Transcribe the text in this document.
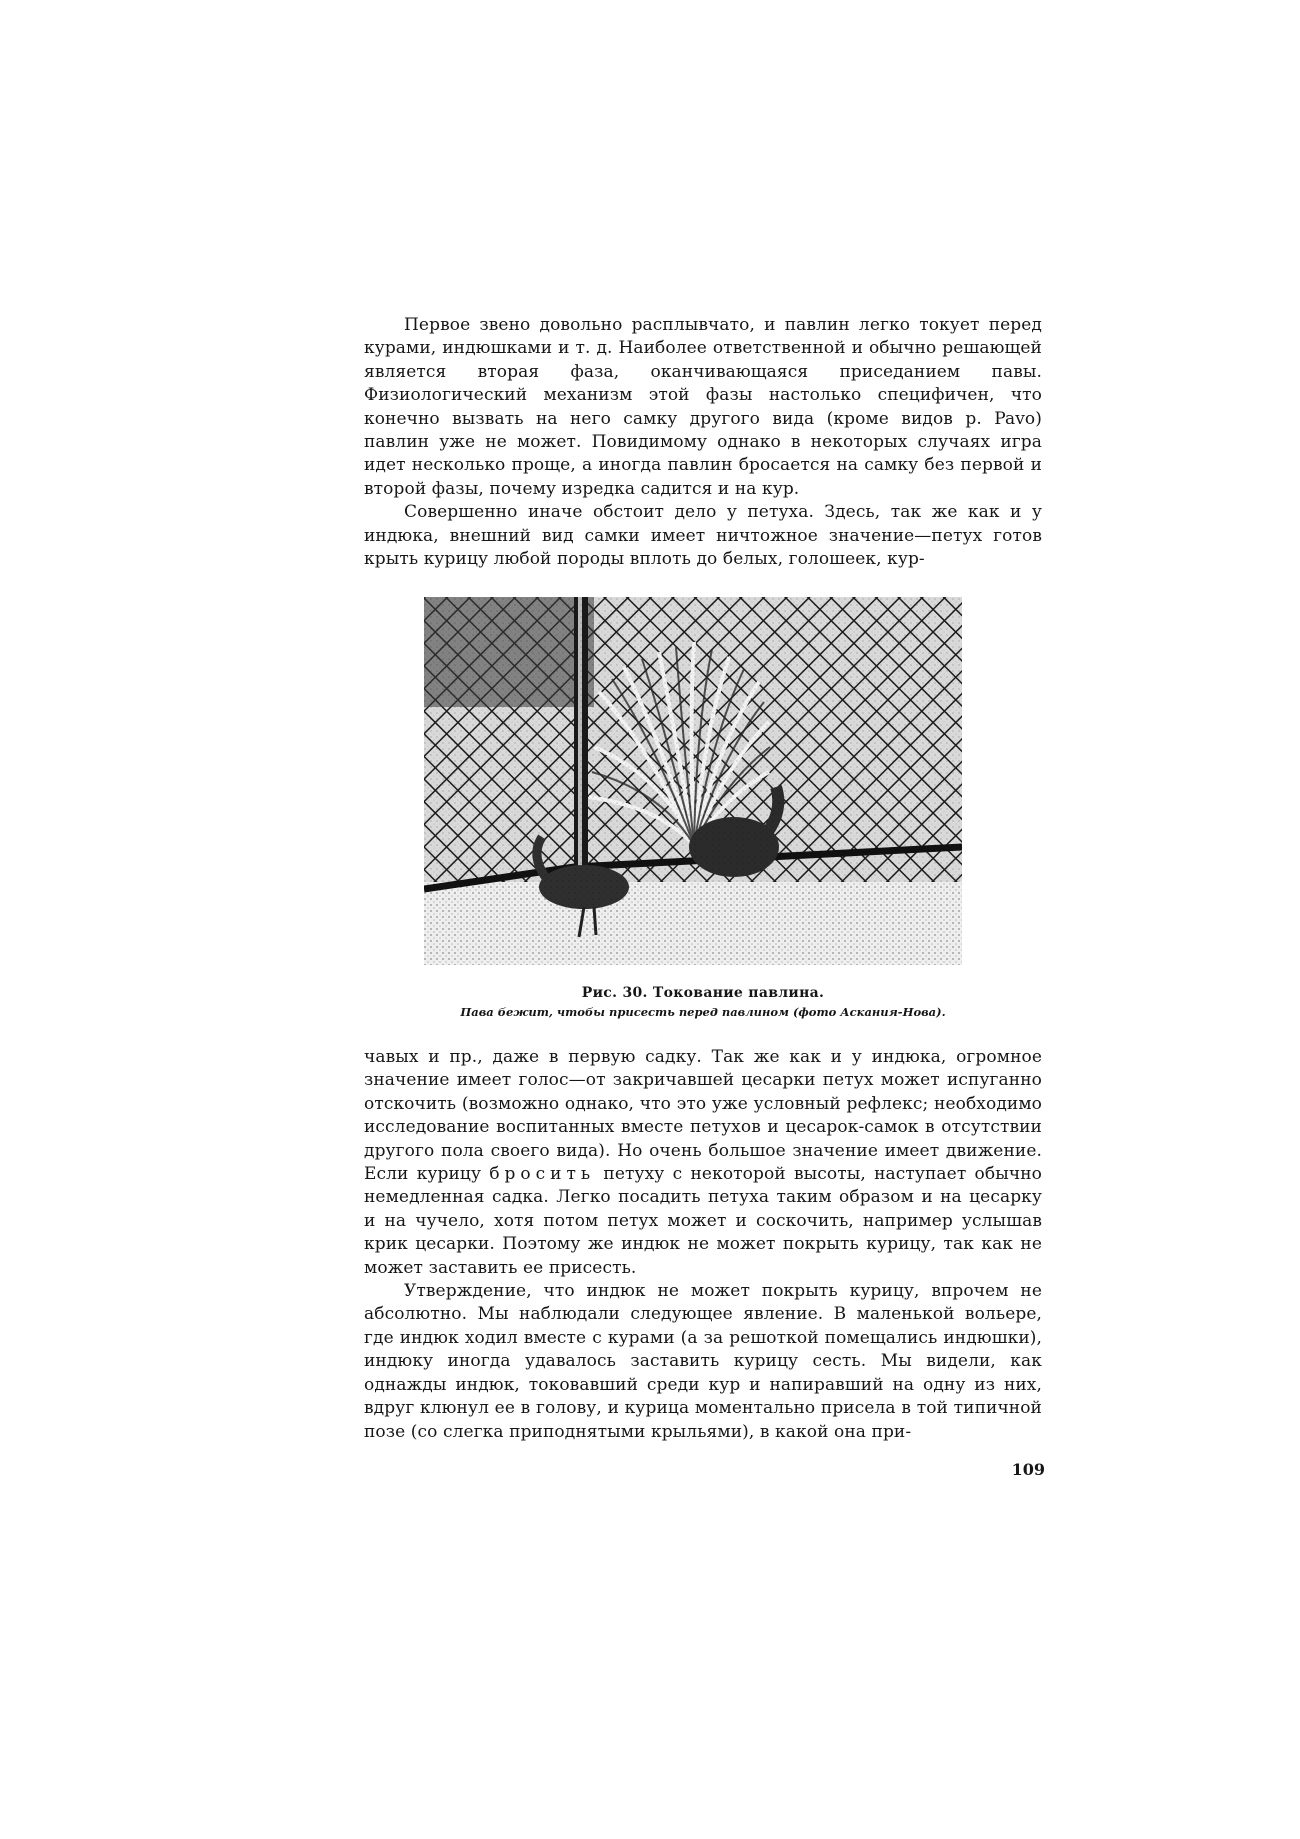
Первое звено довольно расплывчато, и павлин легко токует перед курами, индюшками и т. д. Наиболее ответственной и обычно решающей является вторая фаза, оканчивающаяся приседанием павы. Физиологический механизм этой фазы настолько специфичен, что конечно вызвать на него самку другого вида (кроме видов р. Pavo) павлин уже не может. Повидимому однако в некоторых случаях игра идет несколько проще, а иногда павлин бросается на самку без первой и второй фазы, почему изредка садится и на кур.

Совершенно иначе обстоит дело у петуха. Здесь, так же как и у индюка, внешний вид самки имеет ничтожное значение—петух готов крыть курицу любой породы вплоть до белых, голошеек, кур-

Рис. 30. Токование павлина.
Пава бежит, чтобы присесть перед павлином (фото Аскания-Нова).

чавых и пр., даже в первую садку. Так же как и у индюка, огромное значение имеет голос—от закричавшей цесарки петух может испуганно отскочить (возможно однако, что это уже условный рефлекс; необходимо исследование воспитанных вместе петухов и цесарок-самок в отсутствии другого пола своего вида). Но очень большое значение имеет движение. Если курицу бросить петуху с некоторой высоты, наступает обычно немедленная садка. Легко посадить петуха таким образом и на цесарку и на чучело, хотя потом петух может и соскочить, например услышав крик цесарки. Поэтому же индюк не может покрыть курицу, так как не может заставить ее присесть.

Утверждение, что индюк не может покрыть курицу, впрочем не абсолютно. Мы наблюдали следующее явление. В маленькой вольере, где индюк ходил вместе с курами (а за решоткой помещались индюшки), индюку иногда удавалось заставить курицу сесть. Мы видели, как однажды индюк, токовавший среди кур и напиравший на одну из них, вдруг клюнул ее в голову, и курица моментально присела в той типичной позе (со слегка приподнятыми крыльями), в какой она при-

109
